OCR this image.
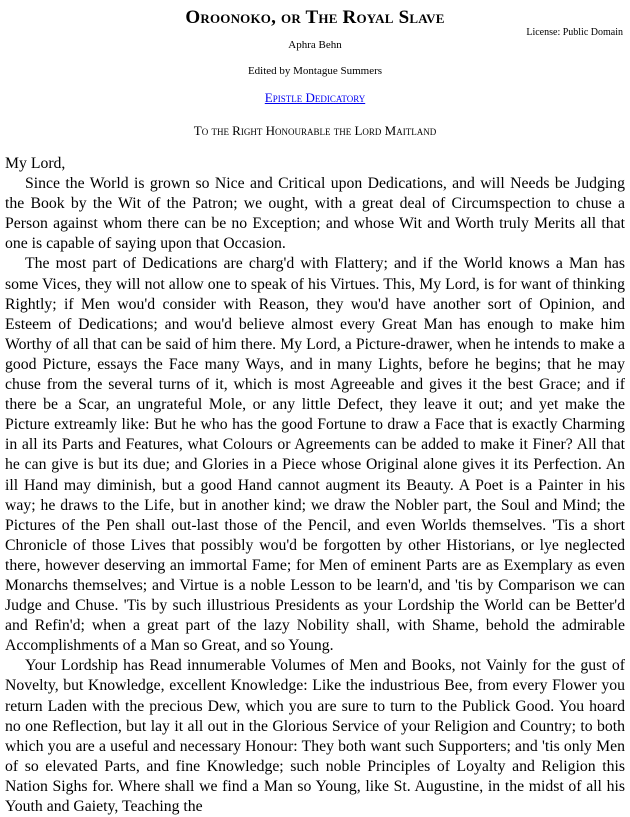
Oroonoko, or The Royal Slave
License: Public Domain
Aphra Behn
Edited by Montague Summers
Epistle Dedicatory
To the Right Honourable the Lord Maitland

My Lord,

Since the World is grown so Nice and Critical upon Dedications, and will Needs be Judging the Book by the Wit of the Patron; we ought, with a great deal of Circumspection to chuse a Person against whom there can be no Exception; and whose Wit and Worth truly Merits all that one is capable of saying upon that Occasion.

The most part of Dedications are charg'd with Flattery; and if the World knows a Man has some Vices, they will not allow one to speak of his Virtues. This, My Lord, is for want of thinking Rightly; if Men wou'd consider with Reason, they wou'd have another sort of Opinion, and Esteem of Dedications; and wou'd believe almost every Great Man has enough to make him Worthy of all that can be said of him there. My Lord, a Picture-drawer, when he intends to make a good Picture, essays the Face many Ways, and in many Lights, before he begins; that he may chuse from the several turns of it, which is most Agreeable and gives it the best Grace; and if there be a Scar, an ungrateful Mole, or any little Defect, they leave it out; and yet make the Picture extreamly like: But he who has the good Fortune to draw a Face that is exactly Charming in all its Parts and Features, what Colours or Agreements can be added to make it Finer? All that he can give is but its due; and Glories in a Piece whose Original alone gives it its Perfection. An ill Hand may diminish, but a good Hand cannot augment its Beauty. A Poet is a Painter in his way; he draws to the Life, but in another kind; we draw the Nobler part, the Soul and Mind; the Pictures of the Pen shall out-last those of the Pencil, and even Worlds themselves. 'Tis a short Chronicle of those Lives that possibly wou'd be forgotten by other Historians, or lye neglected there, however deserving an immortal Fame; for Men of eminent Parts are as Exemplary as even Monarchs themselves; and Virtue is a noble Lesson to be learn'd, and 'tis by Comparison we can Judge and Chuse. 'Tis by such illustrious Presidents as your Lordship the World can be Better'd and Refin'd; when a great part of the lazy Nobility shall, with Shame, behold the admirable Accomplishments of a Man so Great, and so Young.

Your Lordship has Read innumerable Volumes of Men and Books, not Vainly for the gust of Novelty, but Knowledge, excellent Knowledge: Like the industrious Bee, from every Flower you return Laden with the precious Dew, which you are sure to turn to the Publick Good. You hoard no one Reflection, but lay it all out in the Glorious Service of your Religion and Country; to both which you are a useful and necessary Honour: They both want such Supporters; and 'tis only Men of so elevated Parts, and fine Knowledge; such noble Principles of Loyalty and Religion this Nation Sighs for. Where shall we find a Man so Young, like St. Augustine, in the midst of all his Youth and Gaiety, Teaching the
